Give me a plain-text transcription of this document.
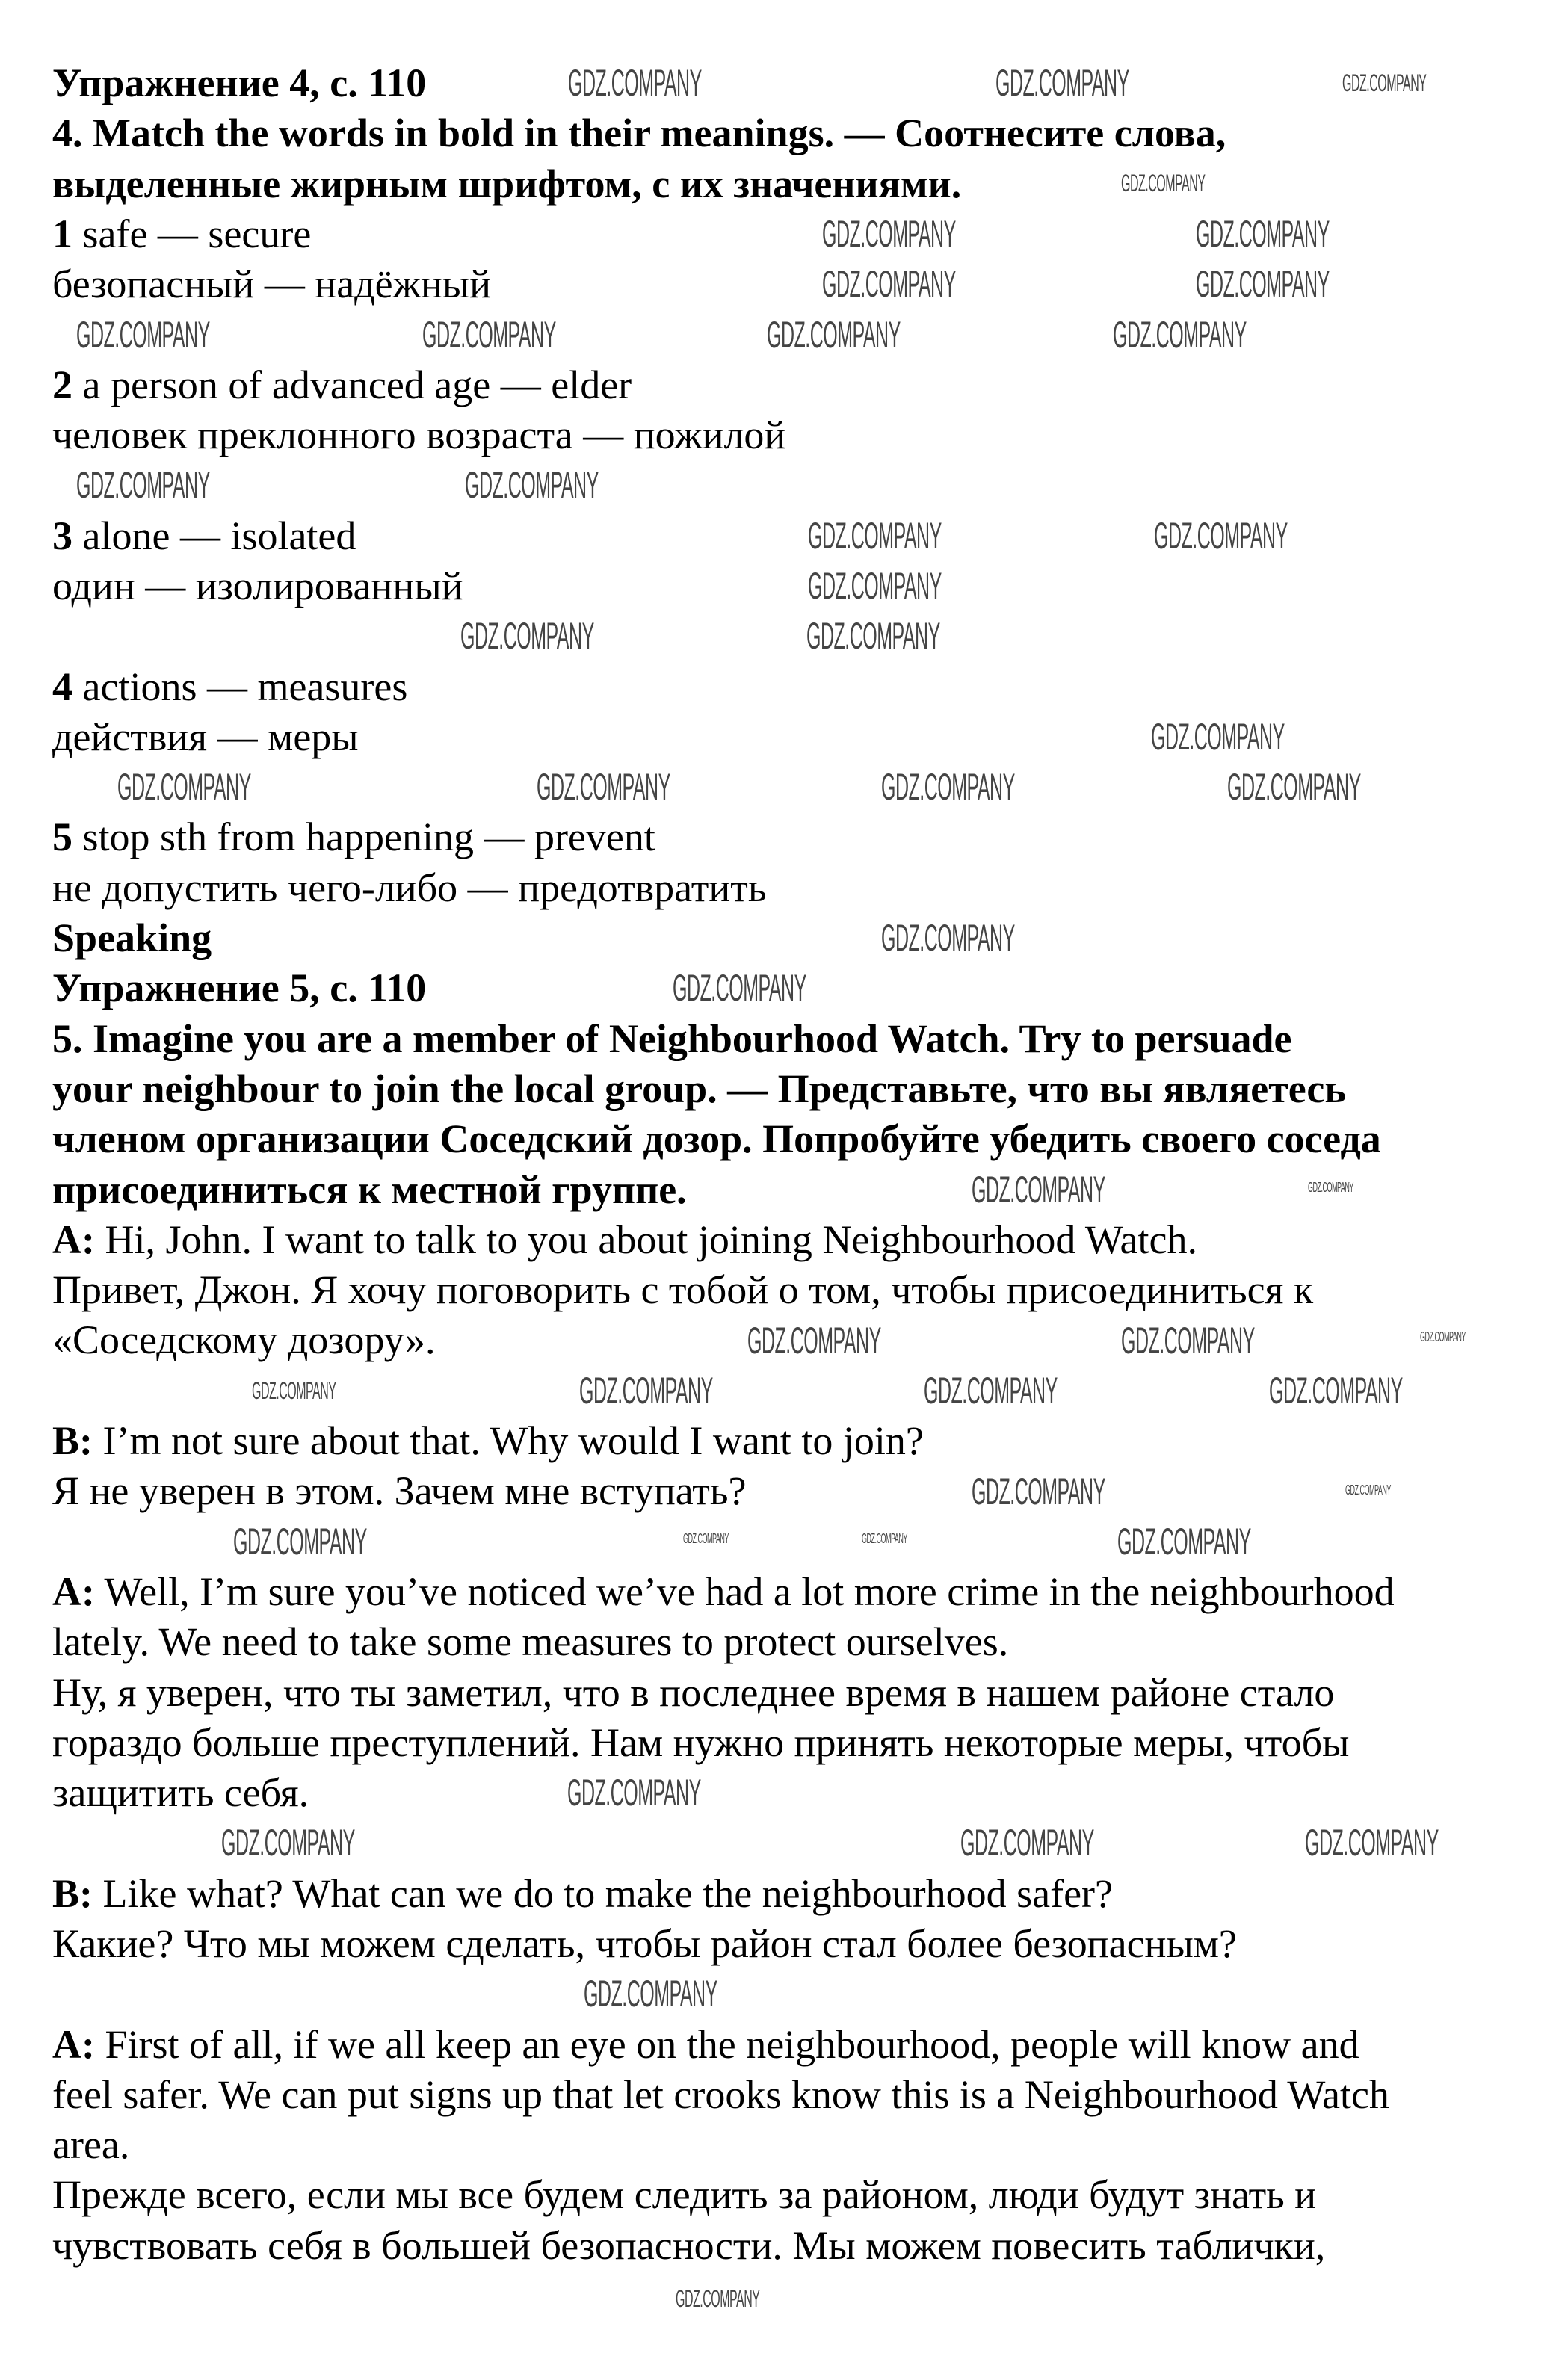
Упражнение 4, с. 110
4. Match the words in bold in their meanings. — Соотнесите слова,
выделенные жирным шрифтом, с их значениями.
1 safe — secure
безопасный — надёжный
2 a person of advanced age — elder
человек преклонного возраста — пожилой
3 alone — isolated
один — изолированный
4 actions — measures
действия — меры
5 stop sth from happening — prevent
не допустить чего-либо — предотвратить
Speaking
Упражнение 5, с. 110
5. Imagine you are a member of Neighbourhood Watch. Try to persuade
your neighbour to join the local group. — Представьте, что вы являетесь
членом организации Соседский дозор. Попробуйте убедить своего соседа
присоединиться к местной группе.
A: Hi, John. I want to talk to you about joining Neighbourhood Watch.
Привет, Джон. Я хочу поговорить с тобой о том, чтобы присоединиться к
«Соседскому дозору».
B: I’m not sure about that. Why would I want to join?
Я не уверен в этом. Зачем мне вступать?
A: Well, I’m sure you’ve noticed we’ve had a lot more crime in the neighbourhood
lately. We need to take some measures to protect ourselves.
Ну, я уверен, что ты заметил, что в последнее время в нашем районе стало
гораздо больше преступлений. Нам нужно принять некоторые меры, чтобы
защитить себя.
B: Like what? What can we do to make the neighbourhood safer?
Какие? Что мы можем сделать, чтобы район стал более безопасным?
A: First of all, if we all keep an eye on the neighbourhood, people will know and
feel safer. We can put signs up that let crooks know this is a Neighbourhood Watch
area.
Прежде всего, если мы все будем следить за районом, люди будут знать и
чувствовать себя в большей безопасности. Мы можем повесить таблички,
GDZ.COMPANY	GDZ.COMPANY	GDZ.COMPANY
GDZ.COMPANY
GDZ.COMPANY	GDZ.COMPANY
GDZ.COMPANY	GDZ.COMPANY
GDZ.COMPANY	GDZ.COMPANY	GDZ.COMPANY	GDZ.COMPANY
GDZ.COMPANY	GDZ.COMPANY
GDZ.COMPANY	GDZ.COMPANY
GDZ.COMPANY
GDZ.COMPANY	GDZ.COMPANY
GDZ.COMPANY
GDZ.COMPANY	GDZ.COMPANY	GDZ.COMPANY	GDZ.COMPANY
GDZ.COMPANY
GDZ.COMPANY
GDZ.COMPANY	GDZ.COMPANY
GDZ.COMPANY	GDZ.COMPANY	GDZ.COMPANY
GDZ.COMPANY	GDZ.COMPANY	GDZ.COMPANY	GDZ.COMPANY
GDZ.COMPANY	GDZ.COMPANY
GDZ.COMPANY	GDZ.COMPANY	GDZ.COMPANY	GDZ.COMPANY
GDZ.COMPANY
GDZ.COMPANY	GDZ.COMPANY	GDZ.COMPANY
GDZ.COMPANY
GDZ.COMPANY
